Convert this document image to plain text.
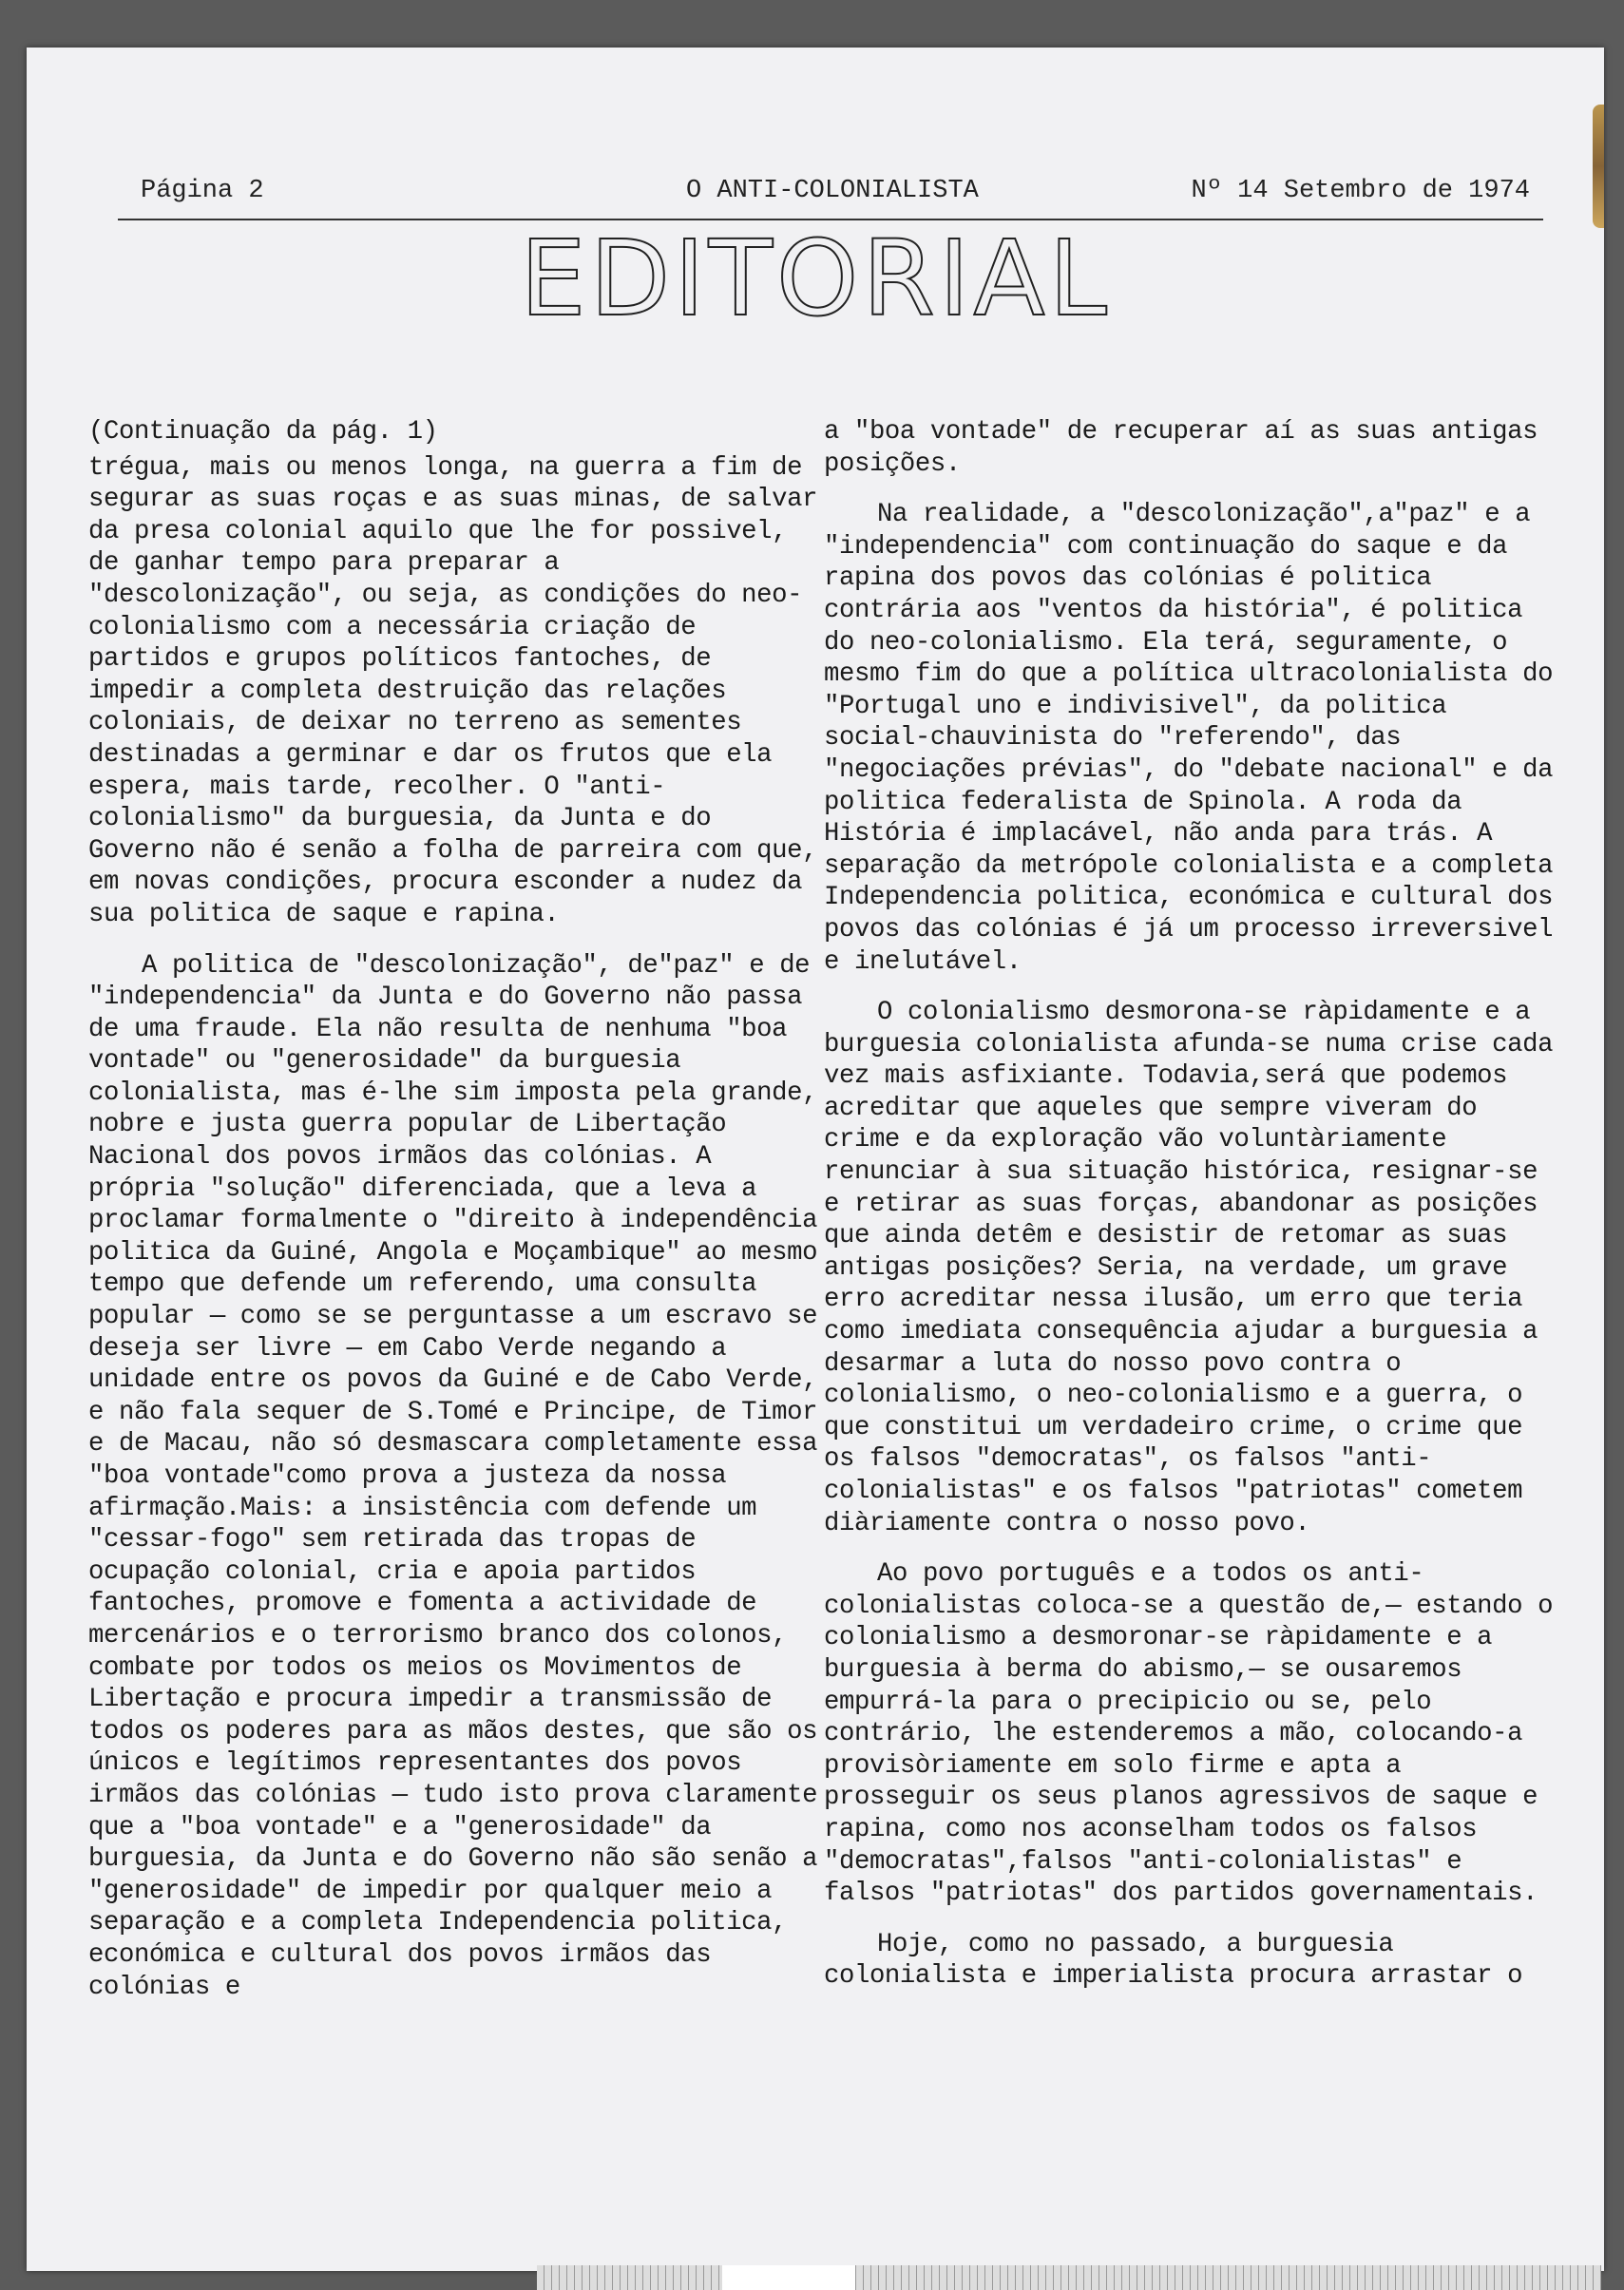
Página 2	O ANTI-COLONIALISTA	Nº 14 Setembro de 1974
EDITORIAL

(Continuação da pág. 1)

trégua, mais ou menos longa, na guerra a fim de segurar as suas roças e as suas minas, de salvar da presa colonial aquilo que lhe for possivel, de ganhar tempo para preparar a "descolonização", ou seja, as condições do neo-colonialismo com a necessária criação de partidos e grupos políticos fantoches, de impedir a completa destruição das relações coloniais, de deixar no terreno as sementes destinadas a germinar e dar os frutos que ela espera, mais tarde, recolher. O "anti-colonialismo" da burguesia, da Junta e do Governo não é senão a folha de parreira com que, em novas condições, procura esconder a nudez da sua politica de saque e rapina.

A politica de "descolonização", de"paz" e de "independencia" da Junta e do Governo não passa de uma fraude. Ela não resulta de nenhuma "boa vontade" ou "generosidade" da burguesia colonialista, mas é-lhe sim imposta pela grande, nobre e justa guerra popular de Libertação Nacional dos povos irmãos das colónias. A própria "solução" diferenciada, que a leva a proclamar formalmente o "direito à independência politica da Guiné, Angola e Moçambique" ao mesmo tempo que defende um referendo, uma consulta popular — como se se perguntasse a um escravo se deseja ser livre — em Cabo Verde negando a unidade entre os povos da Guiné e de Cabo Verde, e não fala sequer de S.Tomé e Principe, de Timor e de Macau, não só desmascara completamente essa "boa vontade"como prova a justeza da nossa afirmação.Mais: a insistência com defende um "cessar-fogo" sem retirada das tropas de ocupação colonial, cria e apoia partidos fantoches, promove e fomenta a actividade de mercenários e o terrorismo branco dos colonos, combate por todos os meios os Movimentos de Libertação e procura impedir a transmissão de todos os poderes para as mãos destes, que são os únicos e legítimos representantes dos povos irmãos das colónias — tudo isto prova claramente que a "boa vontade" e a "generosidade" da burguesia, da Junta e do Governo não são senão a "generosidade" de impedir por qualquer meio a separação e a completa Independencia politica, económica e cultural dos povos irmãos das colónias e

a "boa vontade" de recuperar aí as suas antigas posições.

Na realidade, a "descolonização",a"paz" e a "independencia" com continuação do saque e da rapina dos povos das colónias é politica contrária aos "ventos da história", é politica do neo-colonialismo. Ela terá, seguramente, o mesmo fim do que a política ultracolonialista do "Portugal uno e indivisivel", da politica social-chauvinista do "referendo", das "negociações prévias", do "debate nacional" e da politica federalista de Spinola. A roda da História é implacável, não anda para trás. A separação da metrópole colonialista e a completa Independencia politica, económica e cultural dos povos das colónias é já um processo irreversivel e inelutável.

O colonialismo desmorona-se ràpidamente e a burguesia colonialista afunda-se numa crise cada vez mais asfixiante. Todavia,será que podemos acreditar que aqueles que sempre viveram do crime e da exploração vão voluntàriamente renunciar à sua situação histórica, resignar-se e retirar as suas forças, abandonar as posições que ainda detêm e desistir de retomar as suas antigas posições? Seria, na verdade, um grave erro acreditar nessa ilusão, um erro que teria como imediata consequência ajudar a burguesia a desarmar a luta do nosso povo contra o colonialismo, o neo-colonialismo e a guerra, o que constitui um verdadeiro crime, o crime que os falsos "democratas", os falsos "anti-colonialistas" e os falsos "patriotas" cometem diàriamente contra o nosso povo.

Ao povo português e a todos os anti-colonialistas coloca-se a questão de,— estando o colonialismo a desmoronar-se ràpidamente e a burguesia à berma do abismo,— se ousaremos empurrá-la para o precipicio ou se, pelo contrário, lhe estenderemos a mão, colocando-a provisòriamente em solo firme e apta a prosseguir os seus planos agressivos de saque e rapina, como nos aconselham todos os falsos "democratas",falsos "anti-colonialistas" e falsos "patriotas" dos partidos governamentais.

Hoje, como no passado, a burguesia colonialista e imperialista procura arrastar o
